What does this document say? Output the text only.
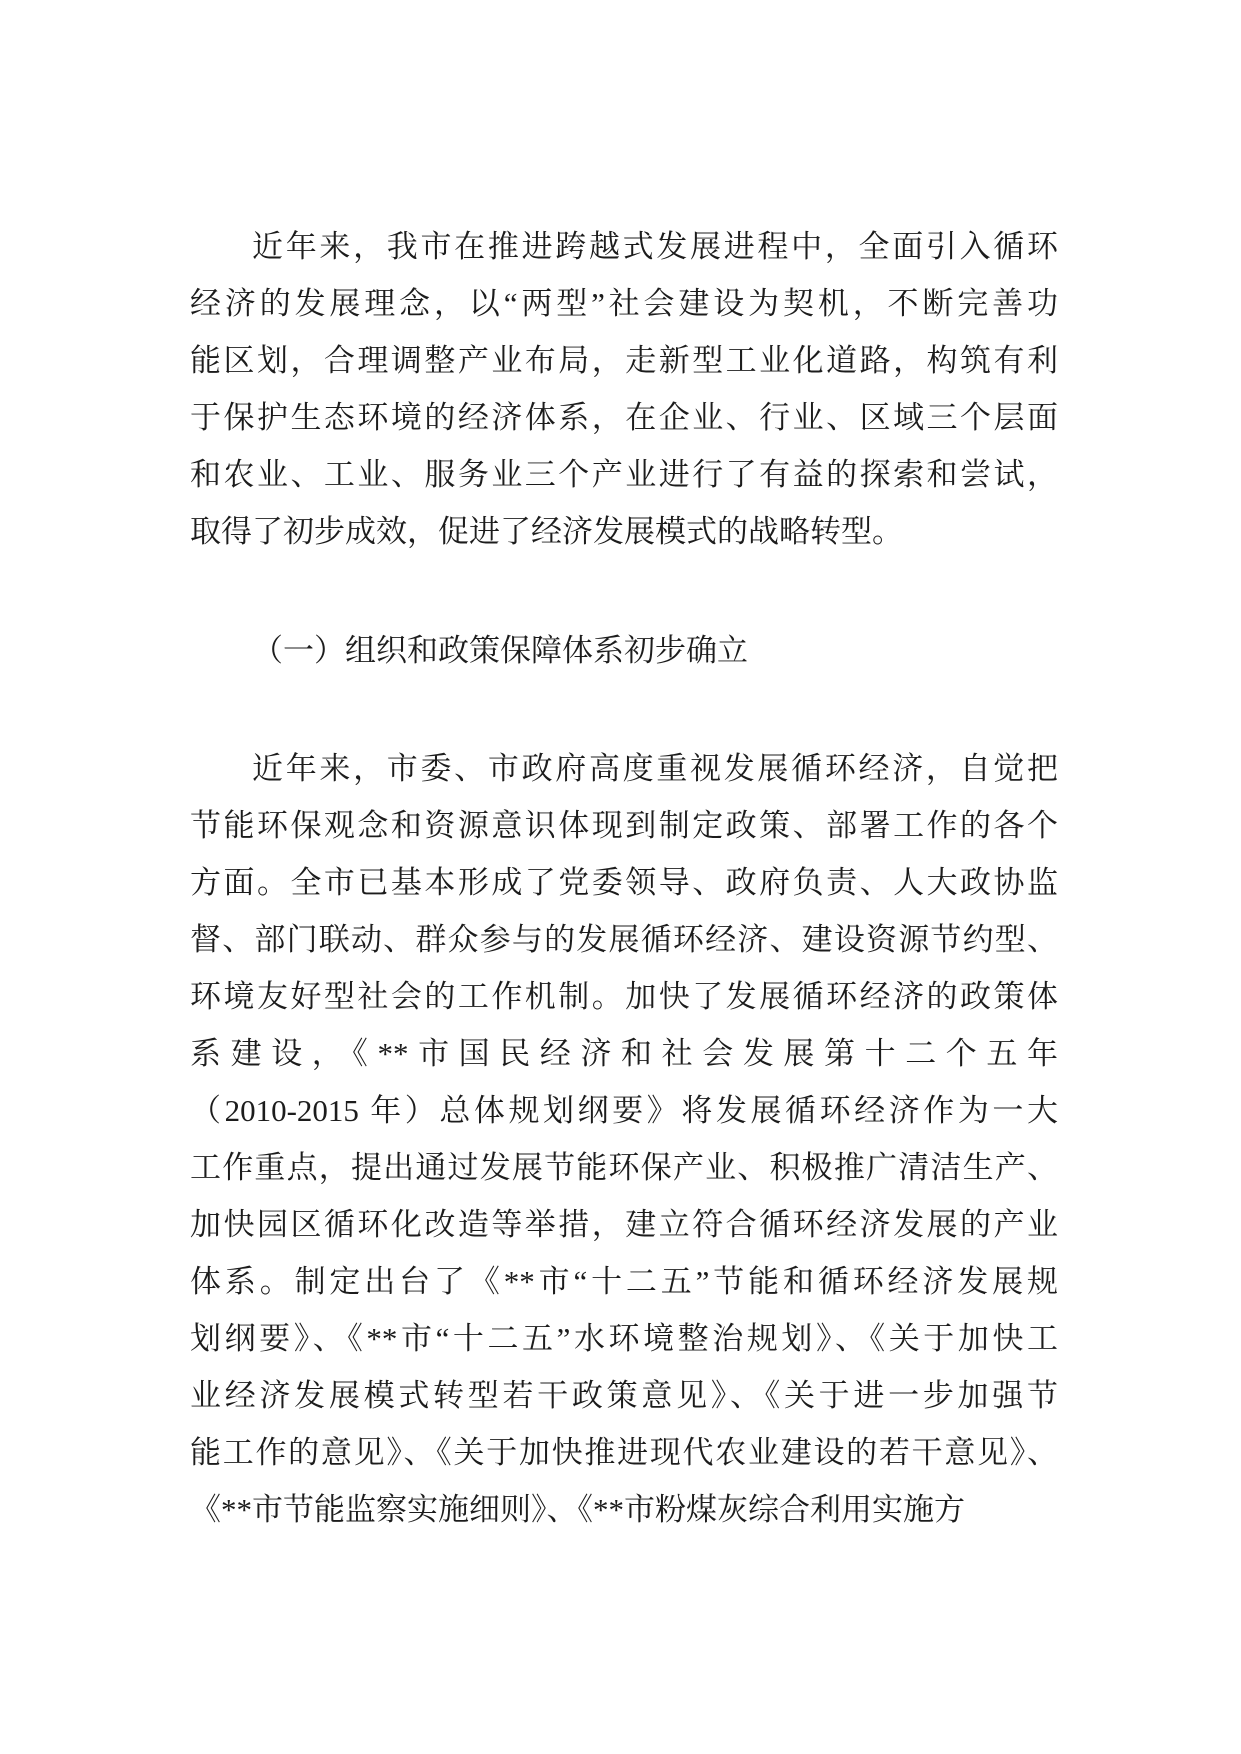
近年来，我市在推进跨越式发展进程中，全面引入循环
经济的发展理念，以“两型”社会建设为契机，不断完善功
能区划，合理调整产业布局，走新型工业化道路，构筑有利
于保护生态环境的经济体系，在企业、行业、区域三个层面
和农业、工业、服务业三个产业进行了有益的探索和尝试，
取得了初步成效，促进了经济发展模式的战略转型。
（一）组织和政策保障体系初步确立
近年来，市委、市政府高度重视发展循环经济，自觉把
节能环保观念和资源意识体现到制定政策、部署工作的各个
方面。全市已基本形成了党委领导、政府负责、人大政协监
督、部门联动、群众参与的发展循环经济、建设资源节约型、
环境友好型社会的工作机制。加快了发展循环经济的政策体
系建设，《**市国民经济和社会发展第十二个五年
（2010-2015 年）总体规划纲要》将发展循环经济作为一大
工作重点，提出通过发展节能环保产业、积极推广清洁生产、
加快园区循环化改造等举措，建立符合循环经济发展的产业
体系。制定出台了《**市“十二五”节能和循环经济发展规
划纲要》、《**市“十二五”水环境整治规划》、《关于加快工
业经济发展模式转型若干政策意见》、《关于进一步加强节
能工作的意见》、《关于加快推进现代农业建设的若干意见》、
《**市节能监察实施细则》、《**市粉煤灰综合利用实施方
